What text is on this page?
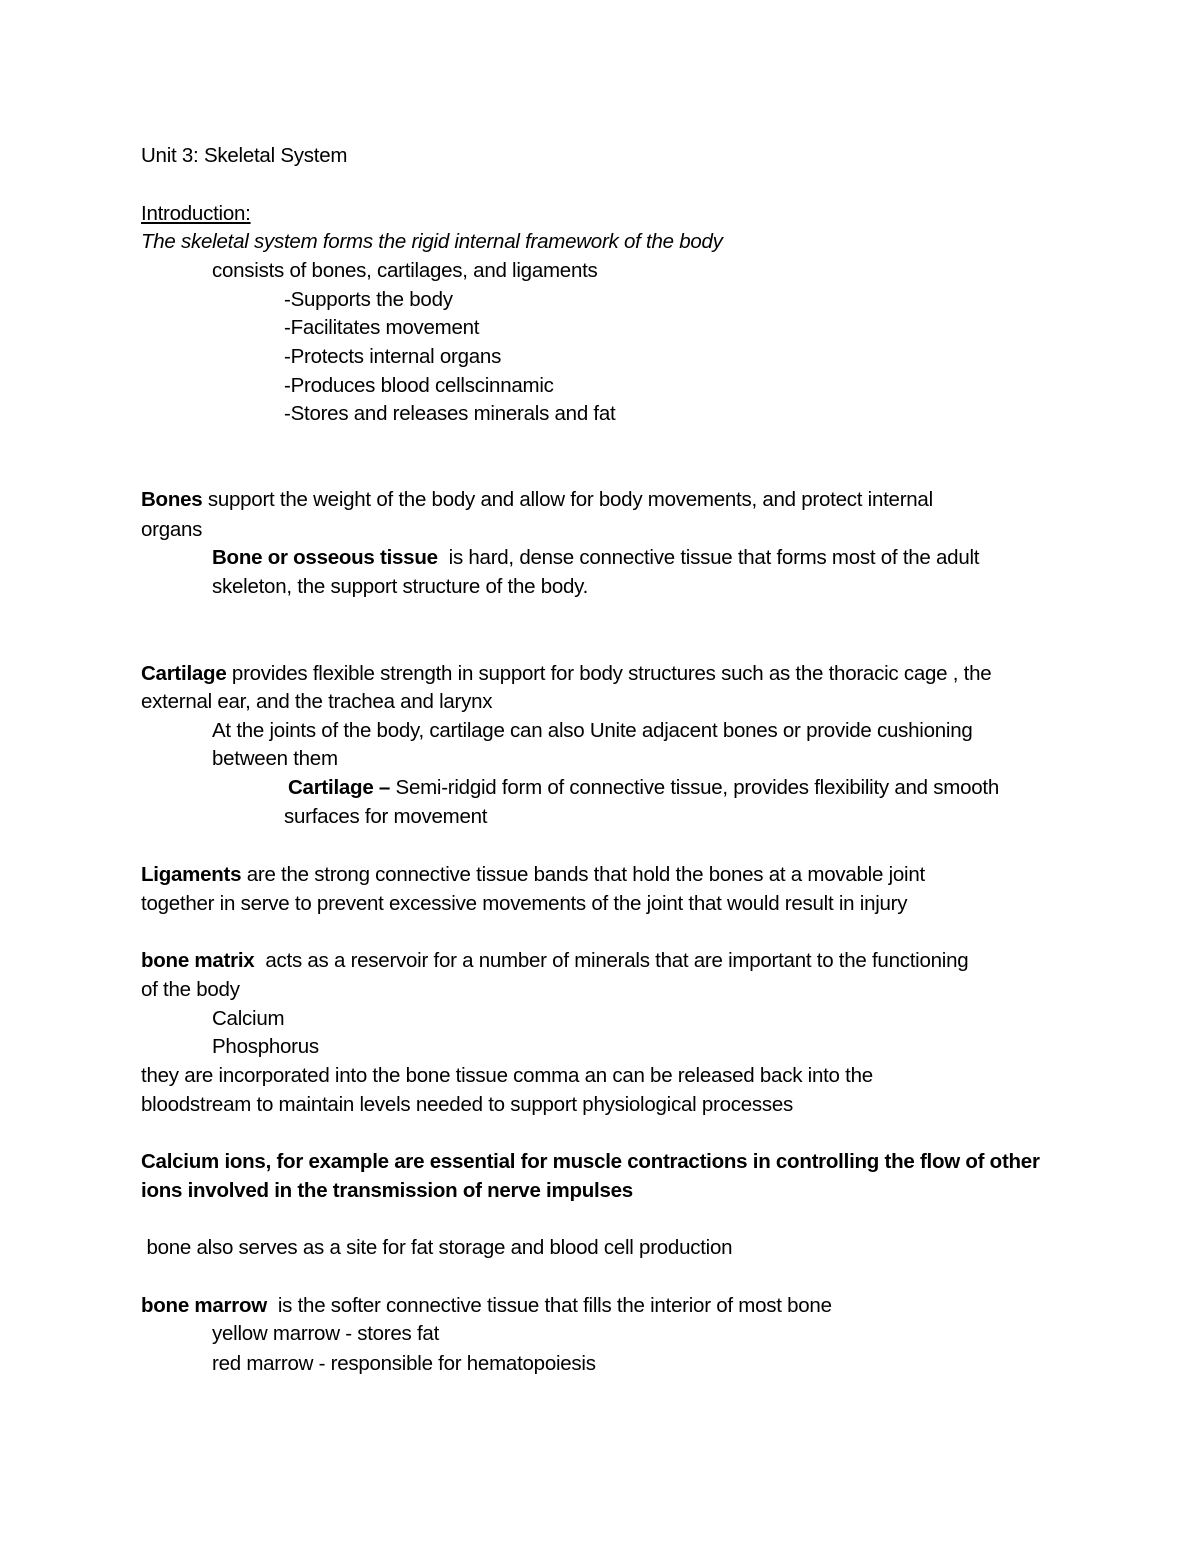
Unit 3: Skeletal System
Introduction:
The skeletal system forms the rigid internal framework of the body
consists of bones, cartilages, and ligaments
-Supports the body
-Facilitates movement
-Protects internal organs
-Produces blood cellscinnamic
-Stores and releases minerals and fat
Bones support the weight of the body and allow for body movements, and protect internal
organs
Bone or osseous tissue  is hard, dense connective tissue that forms most of the adult
skeleton, the support structure of the body.
Cartilage provides flexible strength in support for body structures such as the thoracic cage , the
external ear, and the trachea and larynx
At the joints of the body, cartilage can also Unite adjacent bones or provide cushioning
between them
Cartilage – Semi-ridgid form of connective tissue, provides flexibility and smooth
surfaces for movement
Ligaments are the strong connective tissue bands that hold the bones at a movable joint
together in serve to prevent excessive movements of the joint that would result in injury
bone matrix  acts as a reservoir for a number of minerals that are important to the functioning
of the body
Calcium
Phosphorus
they are incorporated into the bone tissue comma an can be released back into the
bloodstream to maintain levels needed to support physiological processes
Calcium ions, for example are essential for muscle contractions in controlling the flow of other
ions involved in the transmission of nerve impulses
bone also serves as a site for fat storage and blood cell production
bone marrow  is the softer connective tissue that fills the interior of most bone
yellow marrow - stores fat
red marrow - responsible for hematopoiesis
